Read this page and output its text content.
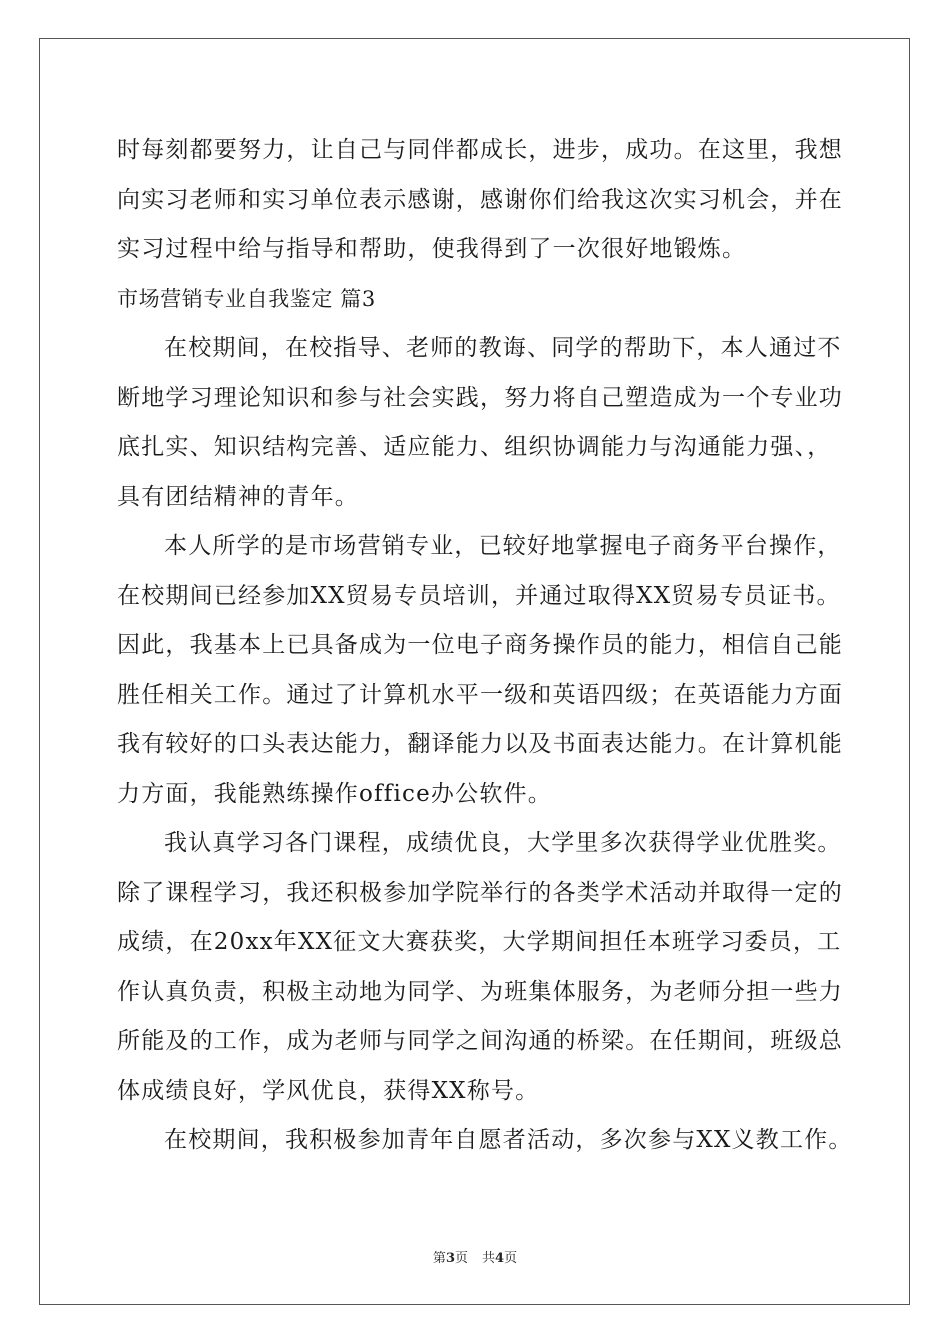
时每刻都要努力，让自己与同伴都成长，进步，成功。在这里，我想
向实习老师和实习单位表示感谢，感谢你们给我这次实习机会，并在
实习过程中给与指导和帮助，使我得到了一次很好地锻炼。
市场营销专业自我鉴定 篇3
在校期间，在校指导、老师的教诲、同学的帮助下，本人通过不
断地学习理论知识和参与社会实践，努力将自己塑造成为一个专业功
底扎实、知识结构完善、适应能力、组织协调能力与沟通能力强、，
具有团结精神的青年。
本人所学的是市场营销专业，已较好地掌握电子商务平台操作，
在校期间已经参加XX贸易专员培训，并通过取得XX贸易专员证书。
因此，我基本上已具备成为一位电子商务操作员的能力，相信自己能
胜任相关工作。通过了计算机水平一级和英语四级；在英语能力方面
我有较好的口头表达能力，翻译能力以及书面表达能力。在计算机能
力方面，我能熟练操作office办公软件。
我认真学习各门课程，成绩优良，大学里多次获得学业优胜奖。
除了课程学习，我还积极参加学院举行的各类学术活动并取得一定的
成绩，在20xx年XX征文大赛获奖，大学期间担任本班学习委员，工
作认真负责，积极主动地为同学、为班集体服务，为老师分担一些力
所能及的工作，成为老师与同学之间沟通的桥梁。在任期间，班级总
体成绩良好，学风优良，获得XX称号。
在校期间，我积极参加青年自愿者活动，多次参与XX义教工作。
第3页 共4页
